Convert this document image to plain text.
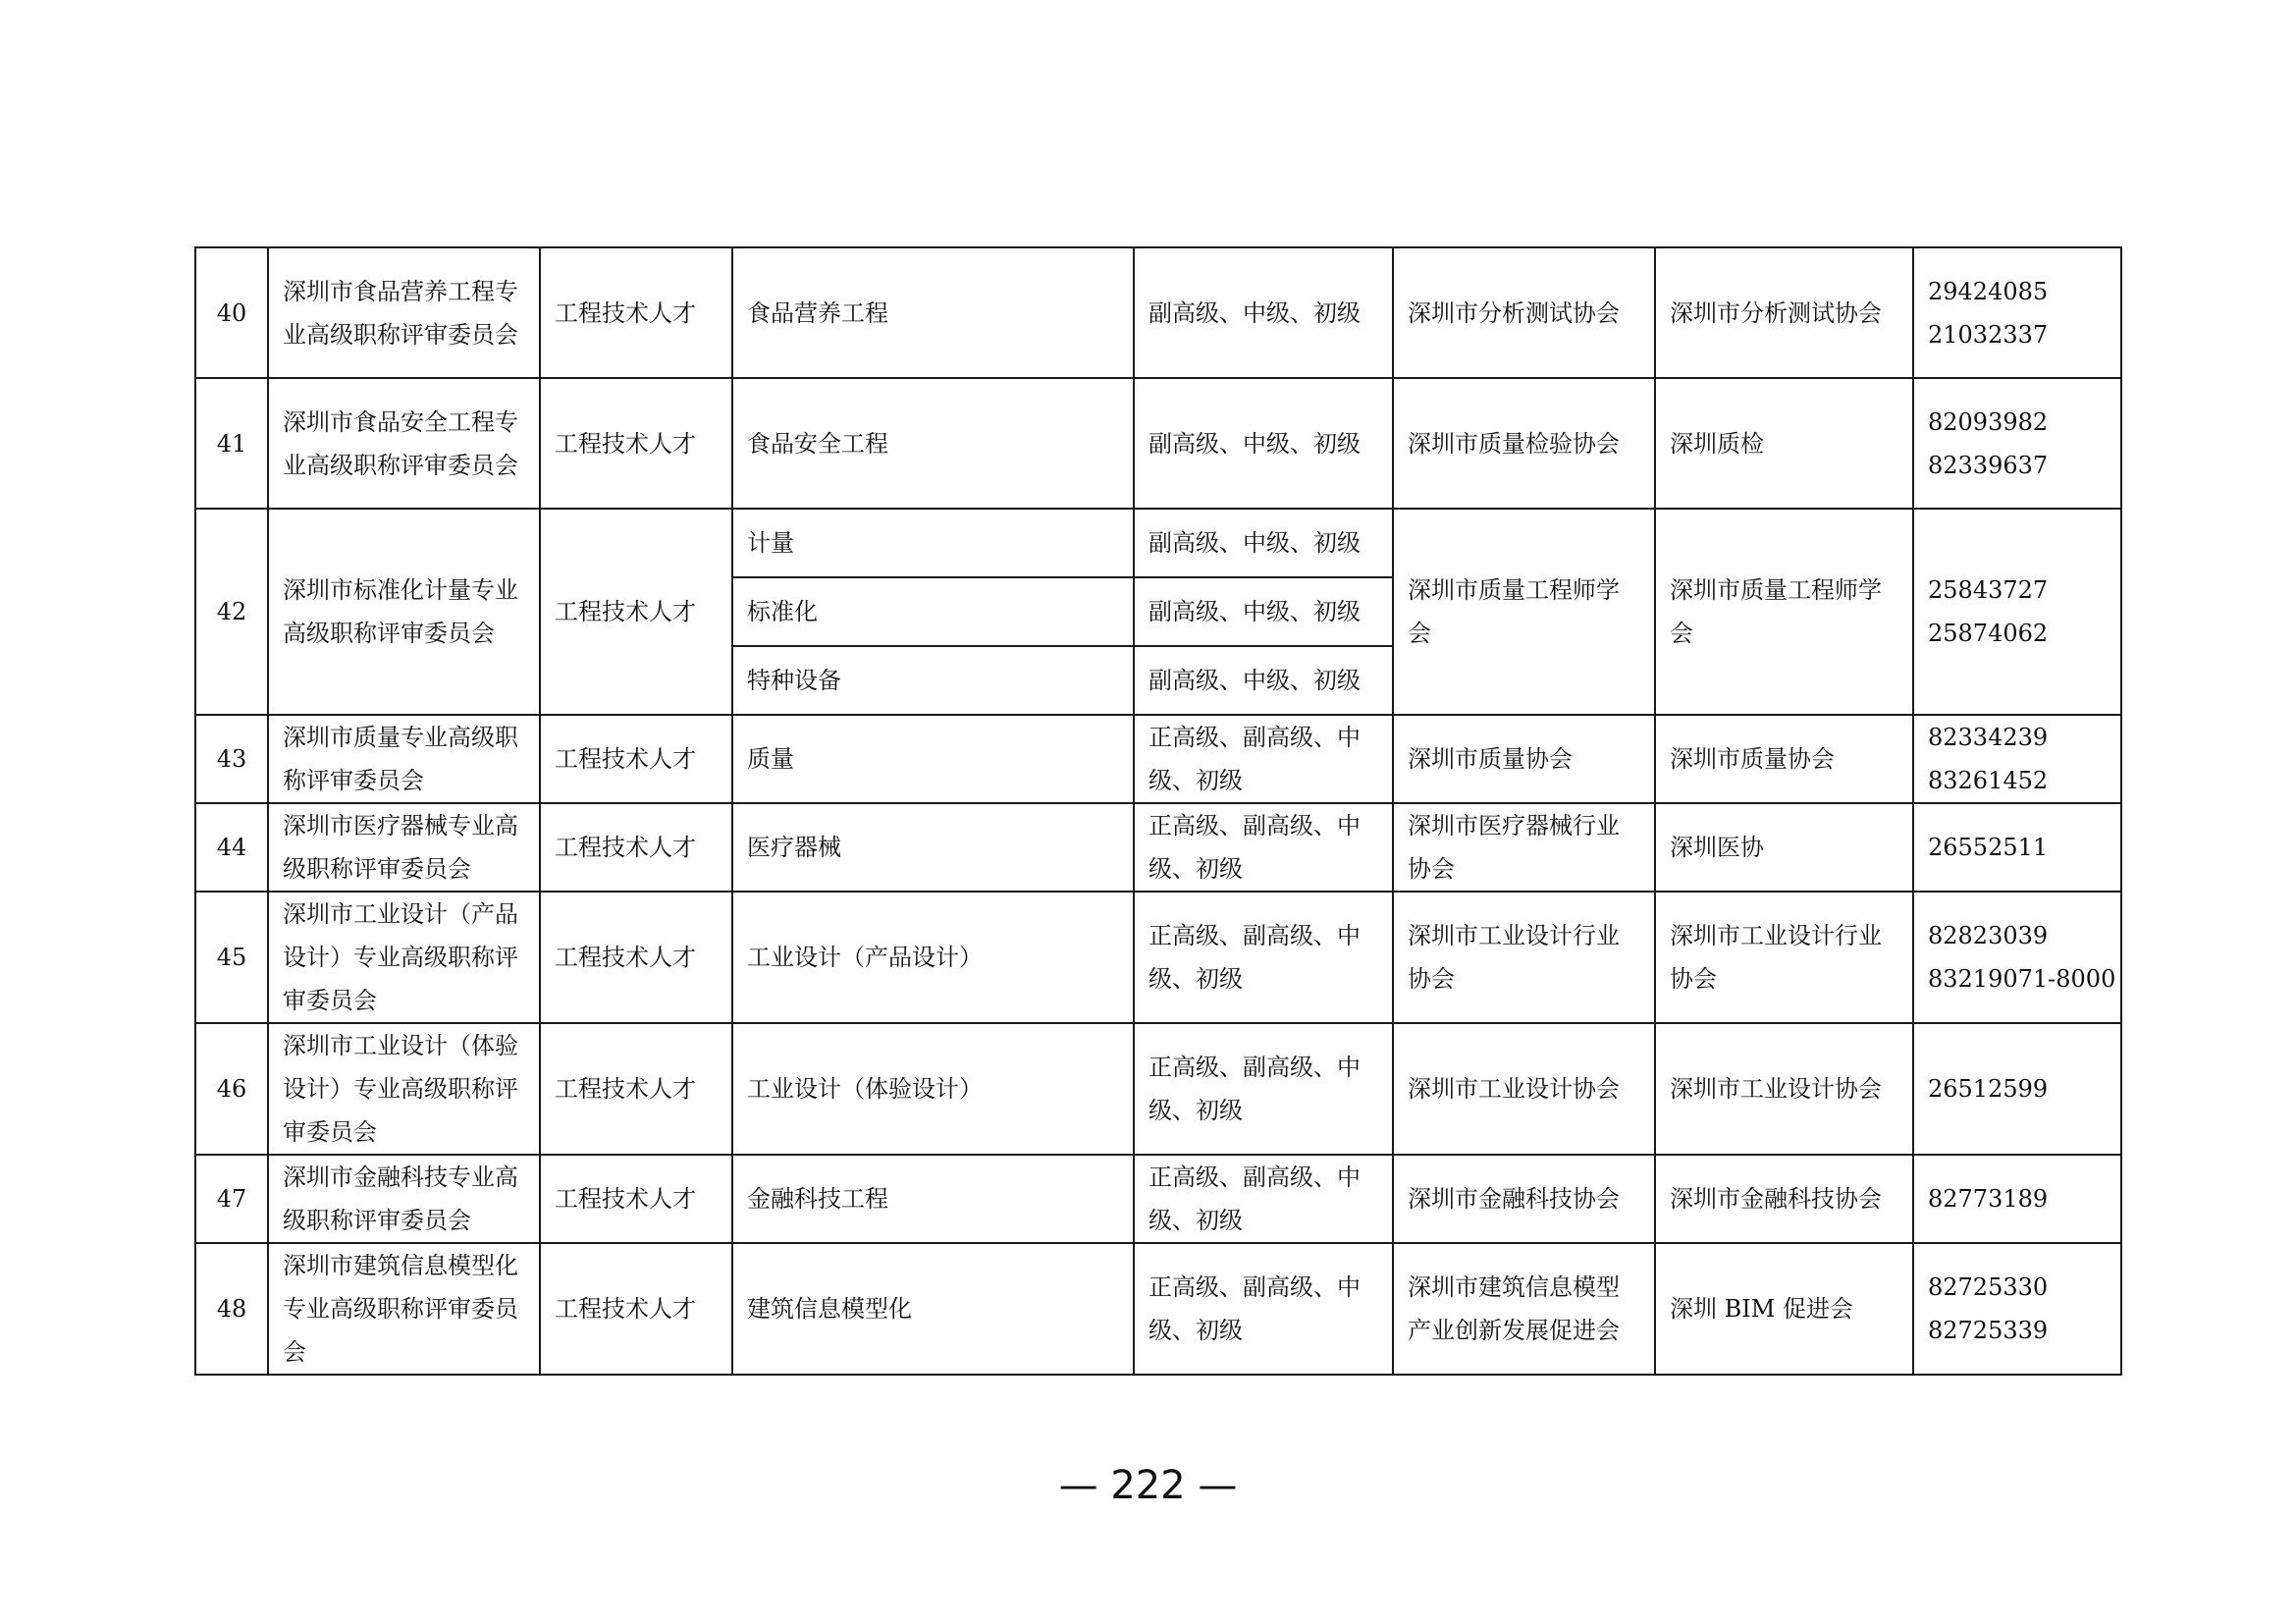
40	深圳市食品营养工程专业高级职称评审委员会	工程技术人才	食品营养工程	副高级、中级、初级	深圳市分析测试协会	深圳市分析测试协会	29424085
21032337

41	深圳市食品安全工程专业高级职称评审委员会	工程技术人才	食品安全工程	副高级、中级、初级	深圳市质量检验协会	深圳质检	82093982
82339637

42	深圳市标准化计量专业高级职称评审委员会	工程技术人才	计量	副高级、中级、初级	深圳市质量工程师学会	深圳市质量工程师学会	25843727
25874062

			标准化	副高级、中级、初级			
			特种设备	副高级、中级、初级			
43	深圳市质量专业高级职称评审委员会	工程技术人才	质量	正高级、副高级、中级、初级	深圳市质量协会	深圳市质量协会	82334239
83261452

44	深圳市医疗器械专业高级职称评审委员会	工程技术人才	医疗器械	正高级、副高级、中级、初级	深圳市医疗器械行业协会	深圳医协	26552511

45	深圳市工业设计（产品设计）专业高级职称评审委员会	工程技术人才	工业设计（产品设计）	正高级、副高级、中级、初级	深圳市工业设计行业协会	深圳市工业设计行业协会	82823039
83219071-8000

46	深圳市工业设计（体验设计）专业高级职称评审委员会	工程技术人才	工业设计（体验设计）	正高级、副高级、中级、初级	深圳市工业设计协会	深圳市工业设计协会	26512599

47	深圳市金融科技专业高级职称评审委员会	工程技术人才	金融科技工程	正高级、副高级、中级、初级	深圳市金融科技协会	深圳市金融科技协会	82773189

48	深圳市建筑信息模型化专业高级职称评审委员会	工程技术人才	建筑信息模型化	正高级、副高级、中级、初级	深圳市建筑信息模型产业创新发展促进会	深圳 BIM 促进会	82725330
82725339
— 222 —
